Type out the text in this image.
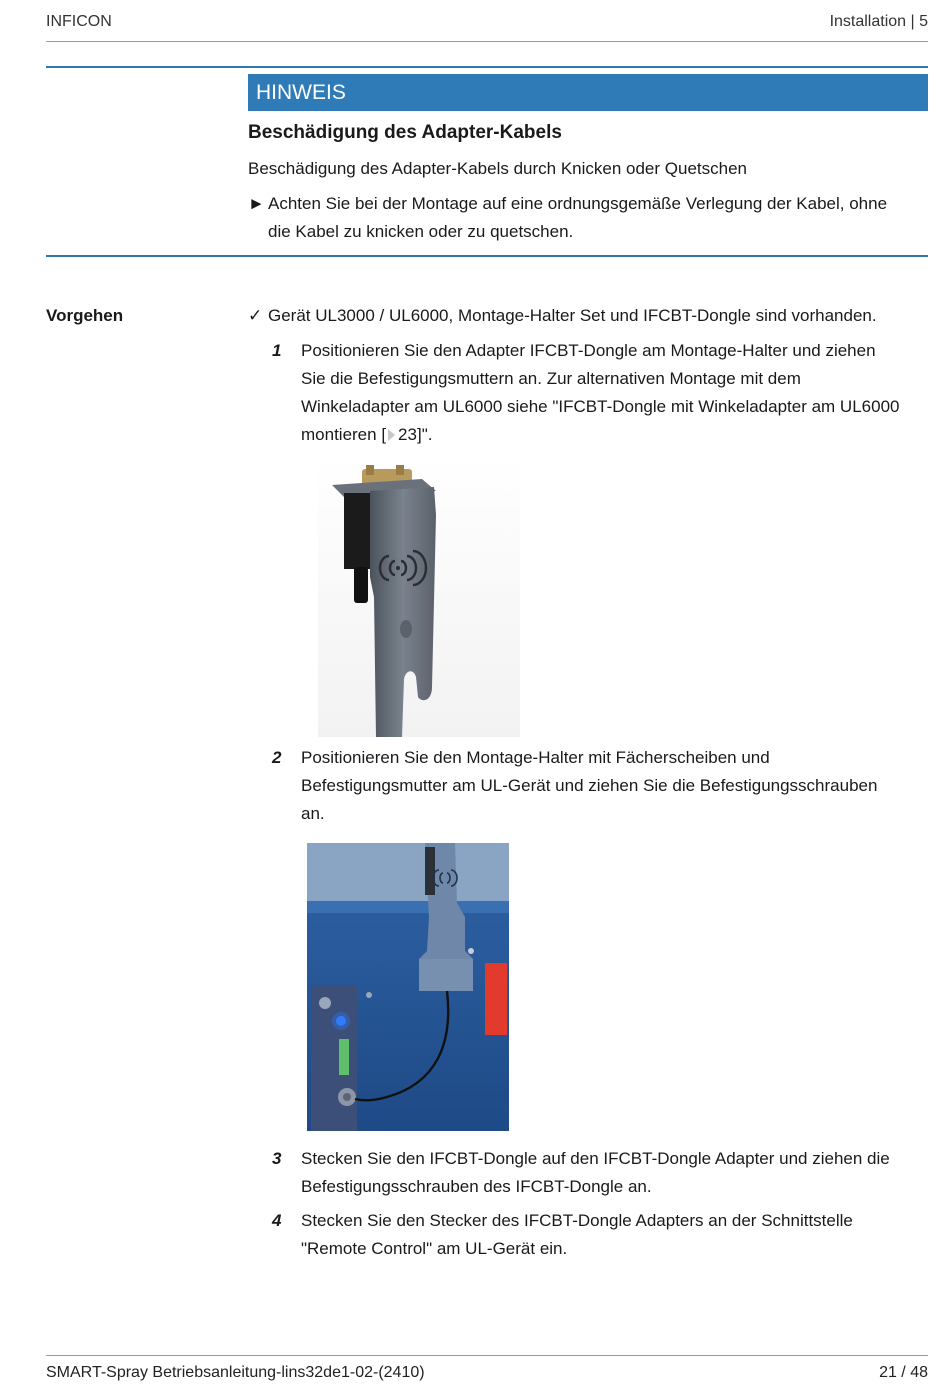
INFICON	Installation | 5
HINWEIS
Beschädigung des Adapter-Kabels
Beschädigung des Adapter-Kabels durch Knicken oder Quetschen
► Achten Sie bei der Montage auf eine ordnungsgemäße Verlegung der Kabel, ohne
die Kabel zu knicken oder zu quetschen.
Vorgehen	✓ Gerät UL3000 / UL6000, Montage-Halter Set und IFCBT-Dongle sind vorhanden.
1 Positionieren Sie den Adapter IFCBT-Dongle am Montage-Halter und ziehen
Sie die Befestigungsmuttern an. Zur alternativen Montage mit dem
Winkeladapter am UL6000 siehe "IFCBT-Dongle mit Winkeladapter am UL6000
montieren [ 23]".
2 Positionieren Sie den Montage-Halter mit Fächerscheiben und
Befestigungsmutter am UL-Gerät und ziehen Sie die Befestigungsschrauben
an.
3 Stecken Sie den IFCBT-Dongle auf den IFCBT-Dongle Adapter und ziehen die
Befestigungsschrauben des IFCBT-Dongle an.
4 Stecken Sie den Stecker des IFCBT-Dongle Adapters an der Schnittstelle
"Remote Control" am UL-Gerät ein.
SMART-Spray Betriebsanleitung-lins32de1-02-(2410)	21 / 48
